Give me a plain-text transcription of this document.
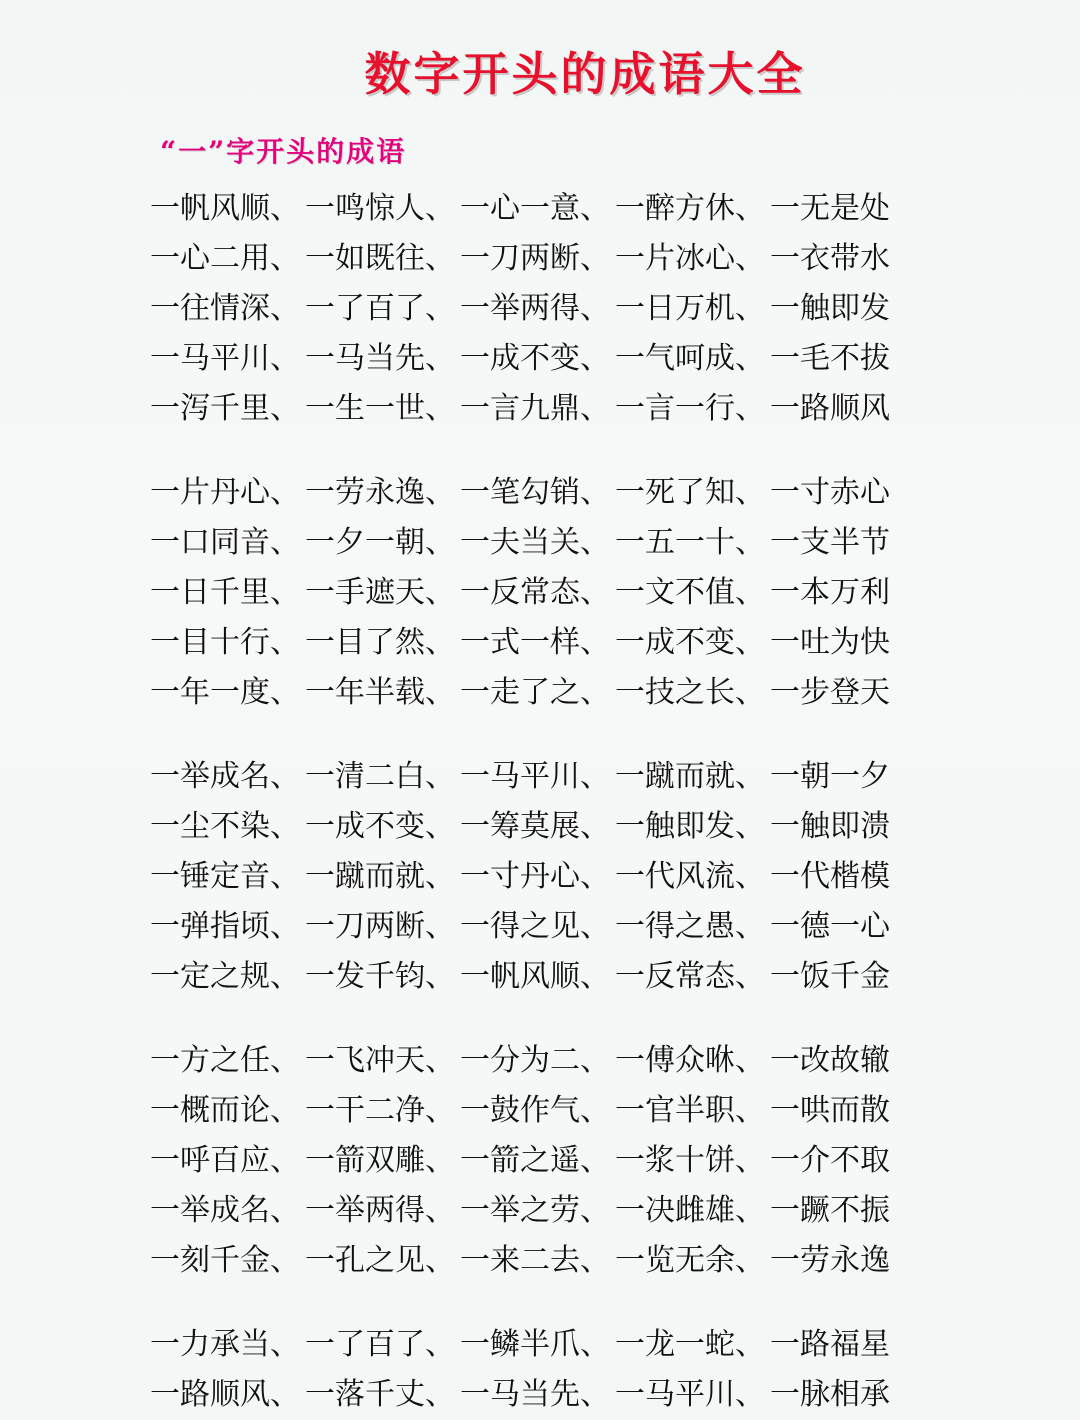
数字开头的成语大全
“一”字开头的成语
一帆风顺、 一鸣惊人、 一心一意、 一醉方休、 一无是处
一心二用、 一如既往、 一刀两断、 一片冰心、 一衣带水
一往情深、 一了百了、 一举两得、 一日万机、 一触即发
一马平川、 一马当先、 一成不变、 一气呵成、 一毛不拔
一泻千里、 一生一世、 一言九鼎、 一言一行、 一路顺风
一片丹心、 一劳永逸、 一笔勾销、 一死了知、 一寸赤心
一口同音、 一夕一朝、 一夫当关、 一五一十、 一支半节
一日千里、 一手遮天、 一反常态、 一文不值、 一本万利
一目十行、 一目了然、 一式一样、 一成不变、 一吐为快
一年一度、 一年半载、 一走了之、 一技之长、 一步登天
一举成名、 一清二白、 一马平川、 一蹴而就、 一朝一夕
一尘不染、 一成不变、 一筹莫展、 一触即发、 一触即溃
一锤定音、 一蹴而就、 一寸丹心、 一代风流、 一代楷模
一弹指顷、 一刀两断、 一得之见、 一得之愚、 一德一心
一定之规、 一发千钧、 一帆风顺、 一反常态、 一饭千金
一方之任、 一飞冲天、 一分为二、 一傅众咻、 一改故辙
一概而论、 一干二净、 一鼓作气、 一官半职、 一哄而散
一呼百应、 一箭双雕、 一箭之遥、 一浆十饼、 一介不取
一举成名、 一举两得、 一举之劳、 一决雌雄、 一蹶不振
一刻千金、 一孔之见、 一来二去、 一览无余、 一劳永逸
一力承当、 一了百了、 一鳞半爪、 一龙一蛇、 一路福星
一路顺风、 一落千丈、 一马当先、 一马平川、 一脉相承
